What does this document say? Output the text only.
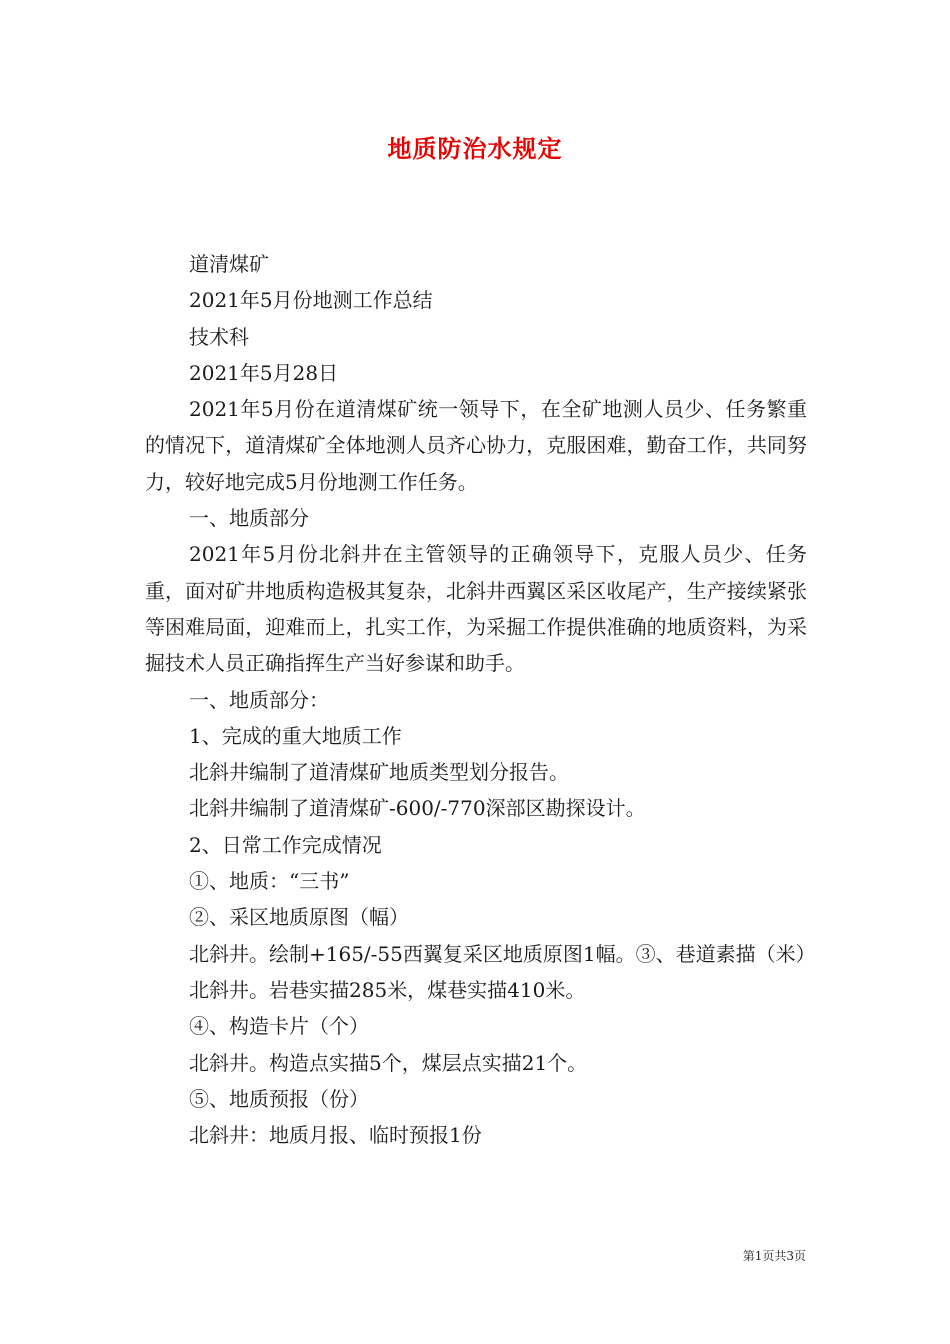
地质防治水规定

道清煤矿

2021年5月份地测工作总结

技术科

2021年5月28日

2021年5月份在道清煤矿统一领导下，在全矿地测人员少、任务繁重的情况下，道清煤矿全体地测人员齐心协力，克服困难，勤奋工作，共同努力，较好地完成5月份地测工作任务。

一、地质部分

2021年5月份北斜井在主管领导的正确领导下，克服人员少、任务重，面对矿井地质构造极其复杂，北斜井西翼区采区收尾产，生产接续紧张等困难局面，迎难而上，扎实工作，为采掘工作提供准确的地质资料，为采掘技术人员正确指挥生产当好参谋和助手。

一、地质部分：

1、完成的重大地质工作

北斜井编制了道清煤矿地质类型划分报告。

北斜井编制了道清煤矿-600/-770深部区勘探设计。

2、日常工作完成情况

①、地质：“三书”

②、采区地质原图（幅）

北斜井。绘制+165/-55西翼复采区地质原图1幅。③、巷道素描（米）

北斜井。岩巷实描285米，煤巷实描410米。

④、构造卡片（个）

北斜井。构造点实描5个，煤层点实描21个。

⑤、地质预报（份）

北斜井：地质月报、临时预报1份

第1页共3页
